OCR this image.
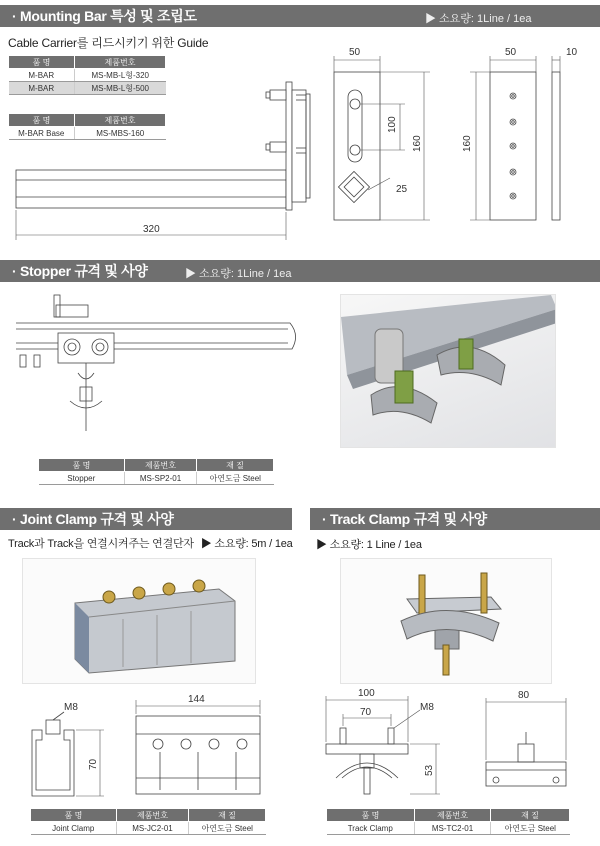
· Mounting Bar 특성 및 조립도	▶ 소요량: 1Line / 1ea
Cable Carrier를 리드시키기 위한 Guide
품 명	제품번호
M-BAR	MS-MB-L형-320
M-BAR	MS-MB-L형-500
품 명	제품번호
M-BAR Base	MS-MBS-160
320
50
100
160
25
50	10
160
· Stopper 규격 및 사양	▶ 소요량: 1Line / 1ea
품 명	제품번호	재 질
Stopper	MS-SP2-01	아연도금 Steel
· Joint Clamp 규격 및 사양
Track과 Track을 연결시켜주는 연결단자 ▶ 소요량: 5m / 1ea
M8
70
144
품 명	제품번호	재 질
Joint Clamp	MS-JC2-01	아연도금 Steel
· Track Clamp 규격 및 사양
▶ 소요량: 1 Line / 1ea
100
70	M8
53
80
품 명	제품번호	재 질
Track Clamp	MS-TC2-01	아연도금 Steel
